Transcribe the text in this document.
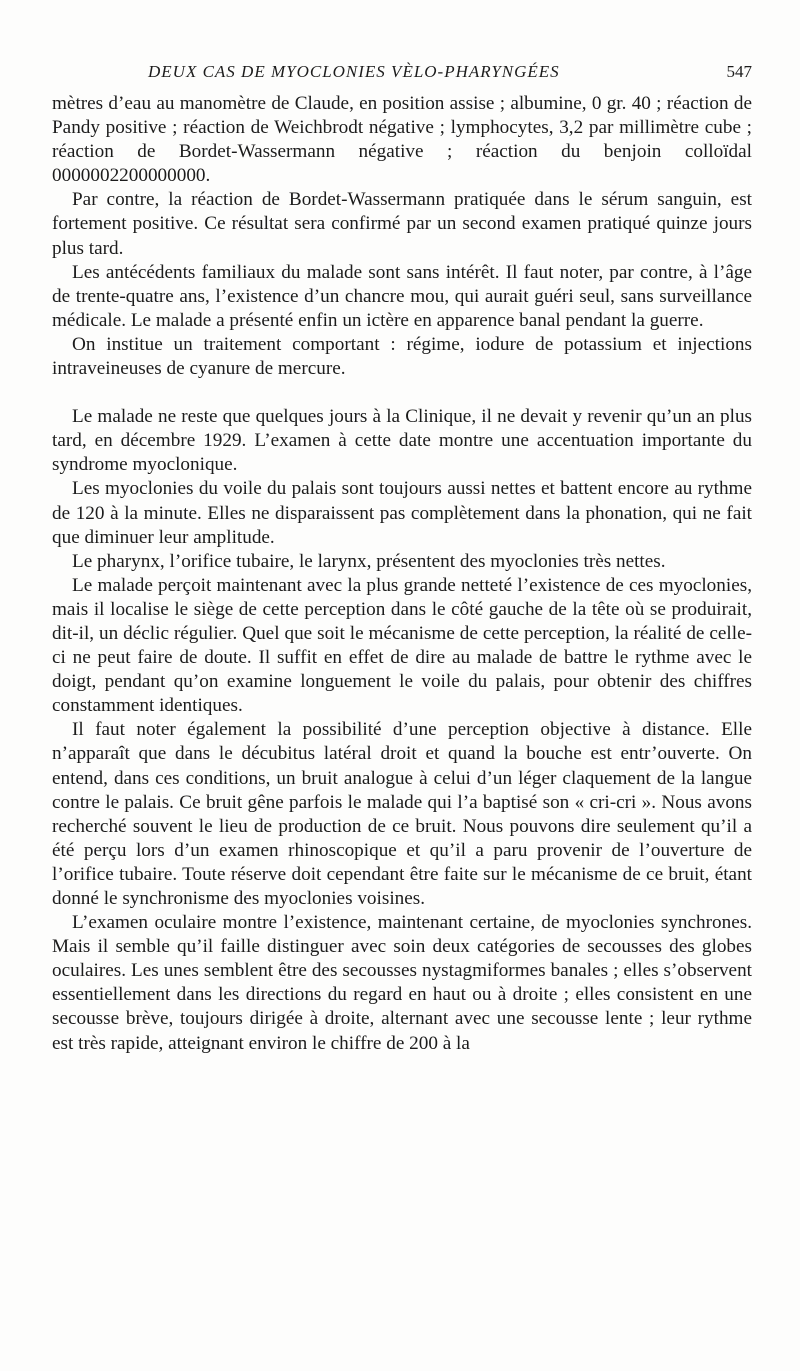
DEUX CAS DE MYOCLONIES VÈLO-PHARYNGÉES	547

mètres d’eau au manomètre de Claude, en position assise ; albumine, 0 gr. 40 ; réaction de Pandy positive ; réaction de Weichbrodt négative ; lymphocytes, 3,2 par millimètre cube ; réaction de Bordet-Wassermann négative ; réaction du benjoin colloïdal 0000002200000000.

Par contre, la réaction de Bordet-Wassermann pratiquée dans le sérum sanguin, est fortement positive. Ce résultat sera confirmé par un second examen pratiqué quinze jours plus tard.

Les antécédents familiaux du malade sont sans intérêt. Il faut noter, par contre, à l’âge de trente-quatre ans, l’existence d’un chancre mou, qui aurait guéri seul, sans surveillance médicale. Le malade a présenté enfin un ictère en apparence banal pendant la guerre.

On institue un traitement comportant : régime, iodure de potassium et injections intraveineuses de cyanure de mercure.

Le malade ne reste que quelques jours à la Clinique, il ne devait y revenir qu’un an plus tard, en décembre 1929. L’examen à cette date montre une accentuation importante du syndrome myoclonique.

Les myoclonies du voile du palais sont toujours aussi nettes et battent encore au rythme de 120 à la minute. Elles ne disparaissent pas complètement dans la phonation, qui ne fait que diminuer leur amplitude.

Le pharynx, l’orifice tubaire, le larynx, présentent des myoclonies très nettes.

Le malade perçoit maintenant avec la plus grande netteté l’existence de ces myoclonies, mais il localise le siège de cette perception dans le côté gauche de la tête où se produirait, dit-il, un déclic régulier. Quel que soit le mécanisme de cette perception, la réalité de celle-ci ne peut faire de doute. Il suffit en effet de dire au malade de battre le rythme avec le doigt, pendant qu’on examine longuement le voile du palais, pour obtenir des chiffres constamment identiques.

Il faut noter également la possibilité d’une perception objective à distance. Elle n’apparaît que dans le décubitus latéral droit et quand la bouche est entr’ouverte. On entend, dans ces conditions, un bruit analogue à celui d’un léger claquement de la langue contre le palais. Ce bruit gêne parfois le malade qui l’a baptisé son « cri-cri ». Nous avons recherché souvent le lieu de production de ce bruit. Nous pouvons dire seulement qu’il a été perçu lors d’un examen rhinoscopique et qu’il a paru provenir de l’ouverture de l’orifice tubaire. Toute réserve doit cependant être faite sur le mécanisme de ce bruit, étant donné le synchronisme des myoclonies voisines.

L’examen oculaire montre l’existence, maintenant certaine, de myoclonies synchrones. Mais il semble qu’il faille distinguer avec soin deux catégories de secousses des globes oculaires. Les unes semblent être des secousses nystagmiformes banales ; elles s’observent essentiellement dans les directions du regard en haut ou à droite ; elles consistent en une secousse brève, toujours dirigée à droite, alternant avec une secousse lente ; leur rythme est très rapide, atteignant environ le chiffre de 200 à la
